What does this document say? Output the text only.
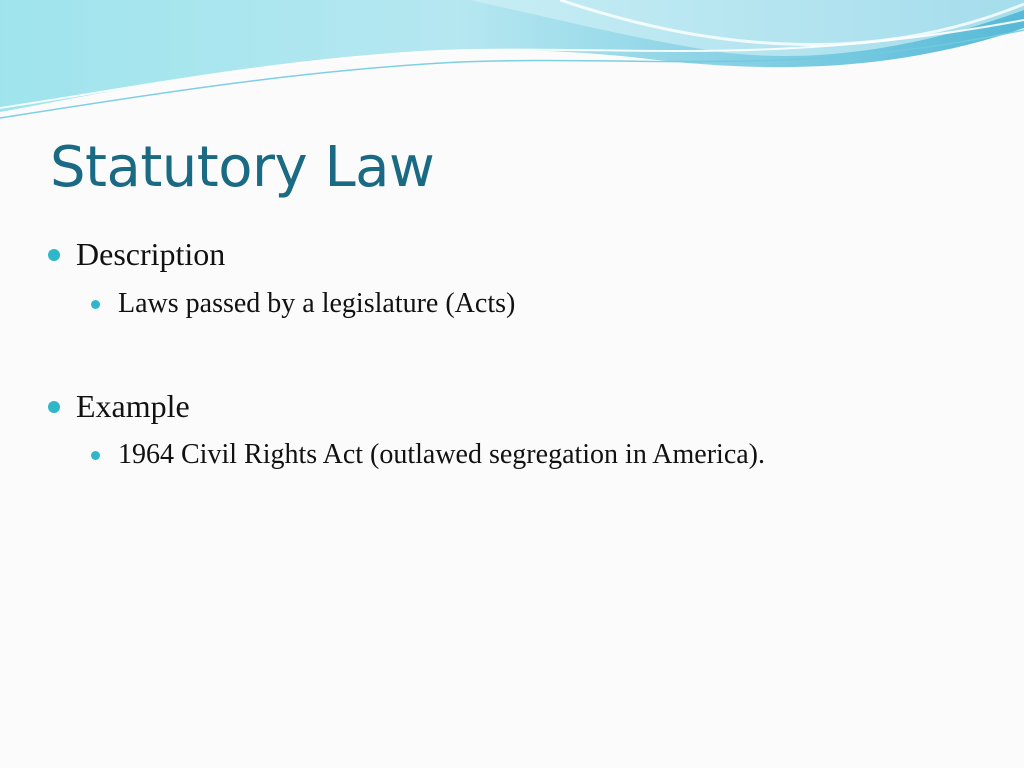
Statutory Law
Description
Laws passed by a legislature (Acts)
Example
1964 Civil Rights Act (outlawed segregation in America).
